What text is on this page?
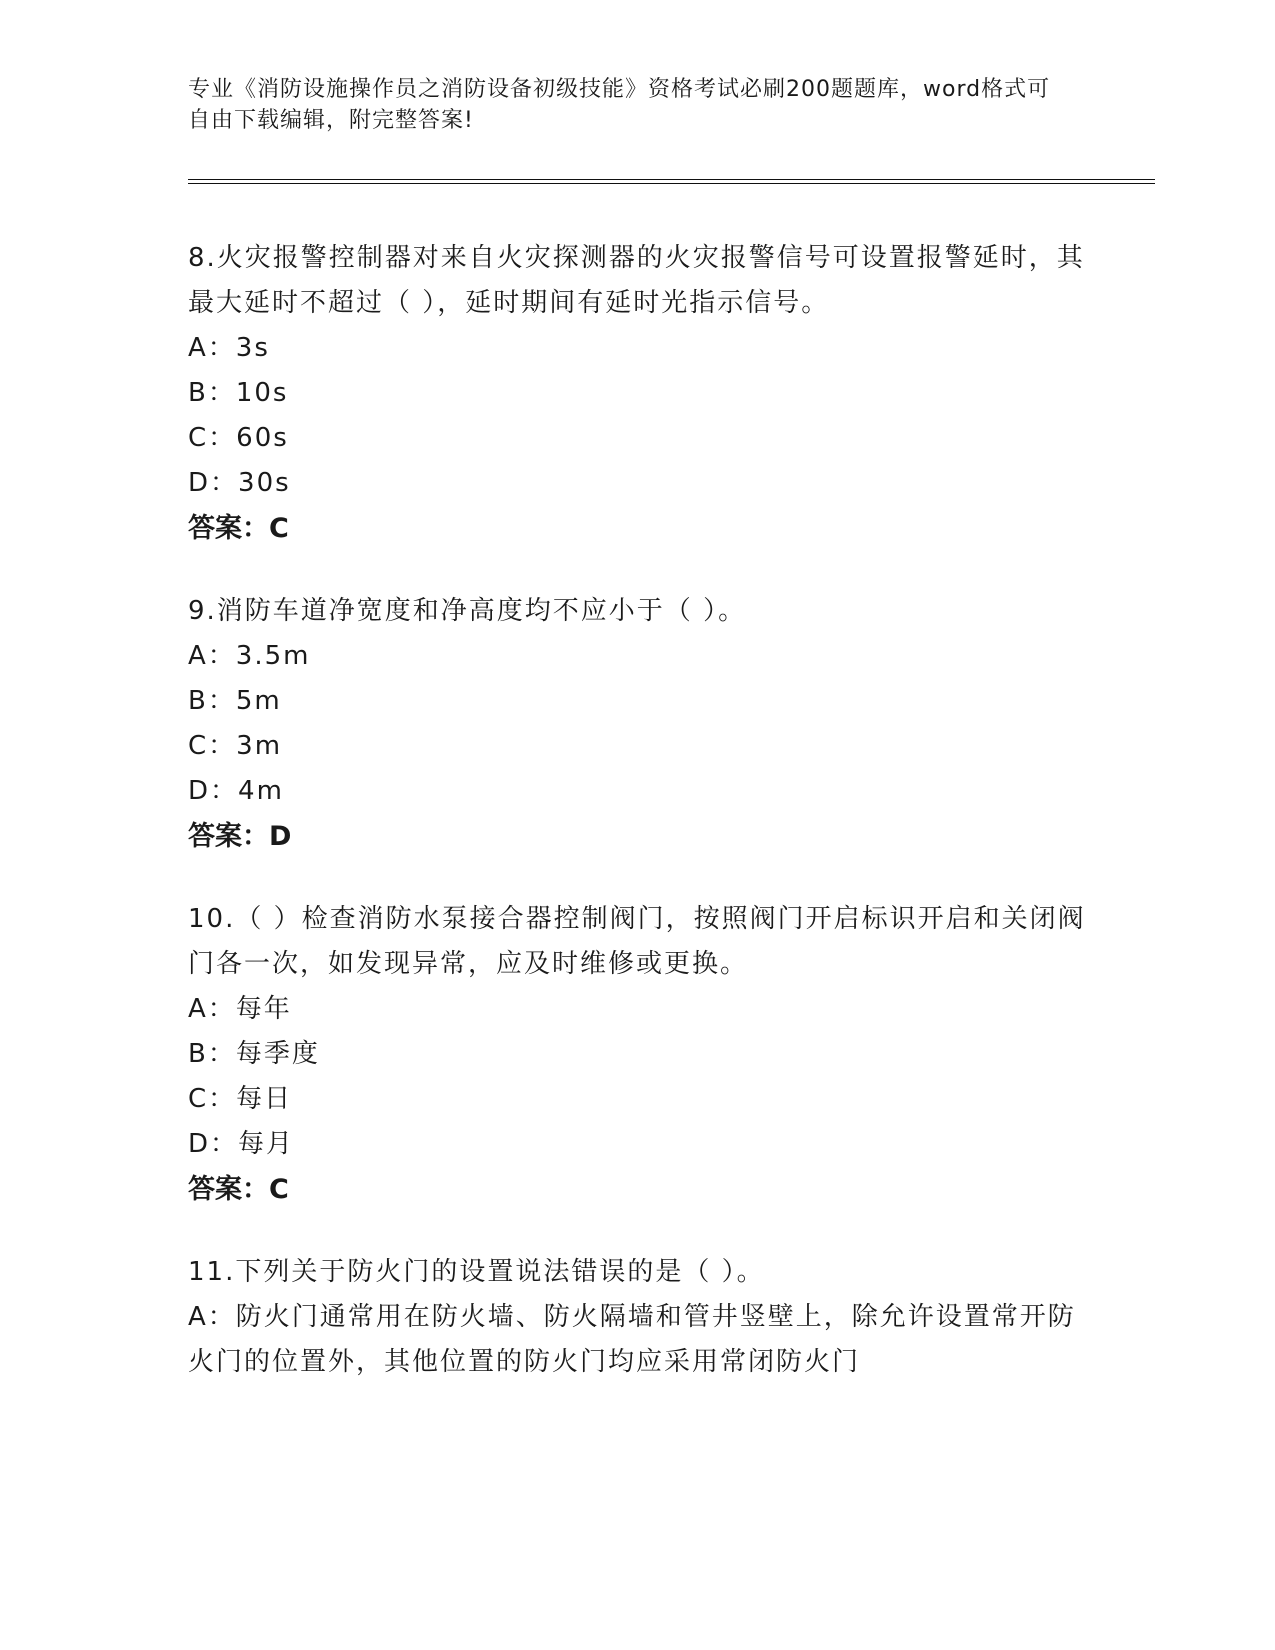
专业《消防设施操作员之消防设备初级技能》资格考试必刷200题题库，word格式可自由下载编辑，附完整答案!

8.火灾报警控制器对来自火灾探测器的火灾报警信号可设置报警延时，其最大延时不超过（ ），延时期间有延时光指示信号。

A：3s

B：10s

C：60s

D：30s

答案：C

9.消防车道净宽度和净高度均不应小于（ ）。

A：3.5m

B：5m

C：3m

D：4m

答案：D

10.（ ）检查消防水泵接合器控制阀门，按照阀门开启标识开启和关闭阀门各一次，如发现异常，应及时维修或更换。

A：每年

B：每季度

C：每日

D：每月

答案：C

11.下列关于防火门的设置说法错误的是（ ）。

A：防火门通常用在防火墙、防火隔墙和管井竖壁上，除允许设置常开防火门的位置外，其他位置的防火门均应采用常闭防火门
